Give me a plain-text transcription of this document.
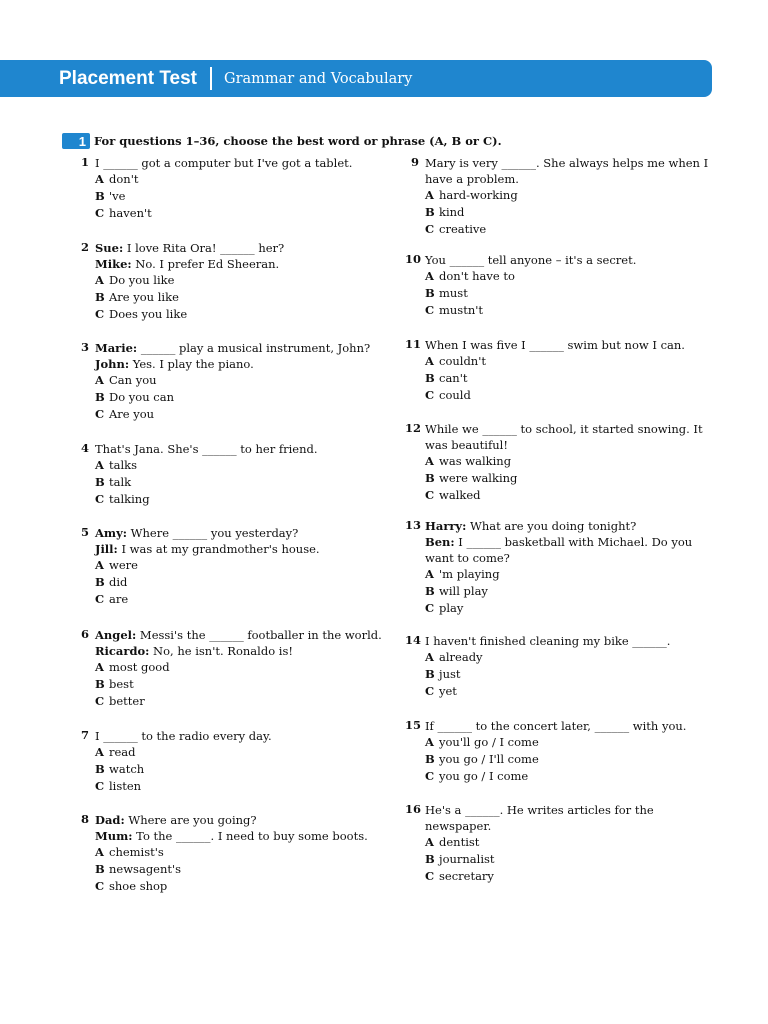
Placement Test Grammar and Vocabulary
1 For questions 1–36, choose the best word or phrase (A, B or C).
1 I ______ got a computer but I've got a tablet.
A don't
B 've
C haven't
2 Sue: I love Rita Ora! ______ her?
Mike: No. I prefer Ed Sheeran.
A Do you like
B Are you like
C Does you like
3 Marie: ______ play a musical instrument, John?
John: Yes. I play the piano.
A Can you
B Do you can
C Are you
4 That's Jana. She's ______ to her friend.
A talks
B talk
C talking
5 Amy: Where ______ you yesterday?
Jill: I was at my grandmother's house.
A were
B did
C are
6 Angel: Messi's the ______ footballer in the world.
Ricardo: No, he isn't. Ronaldo is!
A most good
B best
C better
7 I ______ to the radio every day.
A read
B watch
C listen
8 Dad: Where are you going?
Mum: To the ______. I need to buy some boots.
A chemist's
B newsagent's
C shoe shop
9 Mary is very ______. She always helps me when I have a problem.
A hard-working
B kind
C creative
10 You ______ tell anyone – it's a secret.
A don't have to
B must
C mustn't
11 When I was five I ______ swim but now I can.
A couldn't
B can't
C could
12 While we ______ to school, it started snowing. It was beautiful!
A was walking
B were walking
C walked
13 Harry: What are you doing tonight?
Ben: I ______ basketball with Michael. Do you want to come?
A 'm playing
B will play
C play
14 I haven't finished cleaning my bike ______.
A already
B just
C yet
15 If ______ to the concert later, ______ with you.
A you'll go / I come
B you go / I'll come
C you go / I come
16 He's a ______. He writes articles for the newspaper.
A dentist
B journalist
C secretary
